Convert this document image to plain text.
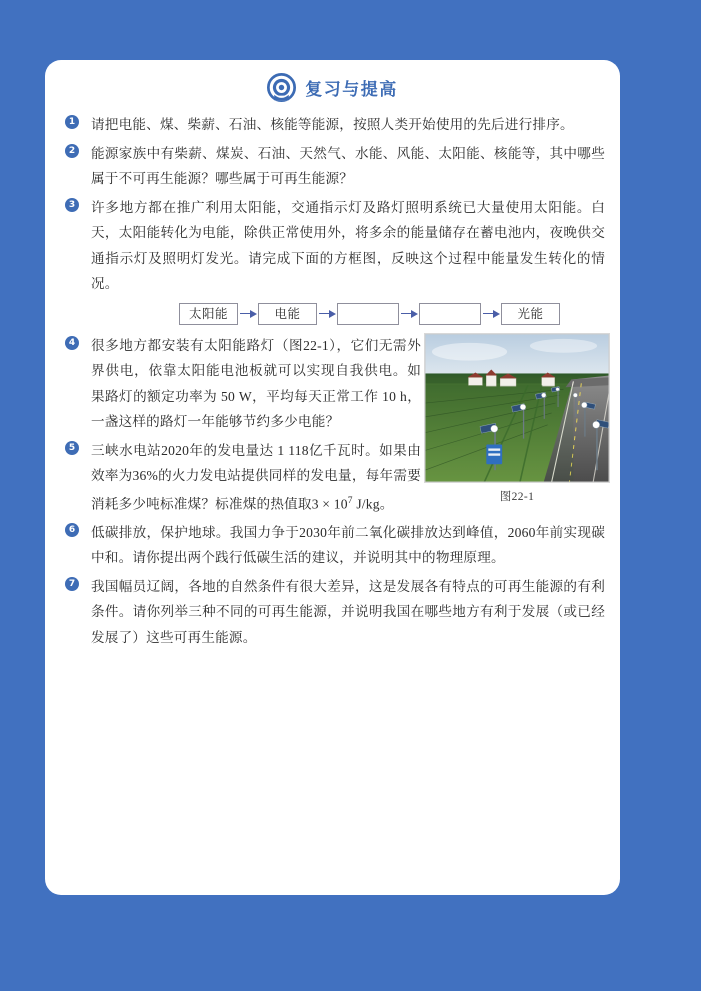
复习与提高
1 请把电能、煤、柴薪、石油、核能等能源，按照人类开始使用的先后进行排序。
2 能源家族中有柴薪、煤炭、石油、天然气、水能、风能、太阳能、核能等，其中哪些属于不可再生能源？哪些属于可再生能源？
3 许多地方都在推广利用太阳能，交通指示灯及路灯照明系统已大量使用太阳能。白天，太阳能转化为电能，除供正常使用外，将多余的能量储存在蓄电池内，夜晚供交通指示灯及照明灯发光。请完成下面的方框图，反映这个过程中能量发生转化的情况。
太阳能	电能	光能
4 很多地方都安装有太阳能路灯（图22-1），它们无需外界供电，依靠太阳能电池板就可以实现自我供电。如果路灯的额定功率为 50 W，平均每天正常工作 10 h，一盏这样的路灯一年能够节约多少电能？
5 三峡水电站2020年的发电量达 1 118亿千瓦时。如果由效率为36%的火力发电站提供同样的发电量，每年需要消耗多少吨标准煤？标准煤的热值取$3 \times 10^7$ J/kg。
6 低碳排放，保护地球。我国力争于2030年前二氧化碳排放达到峰值，2060年前实现碳中和。请你提出两个践行低碳生活的建议，并说明其中的物理原理。
7 我国幅员辽阔，各地的自然条件有很大差异，这是发展各有特点的可再生能源的有利条件。请你列举三种不同的可再生能源，并说明我国在哪些地方有利于发展（或已经发展了）这些可再生能源。
图22-1
